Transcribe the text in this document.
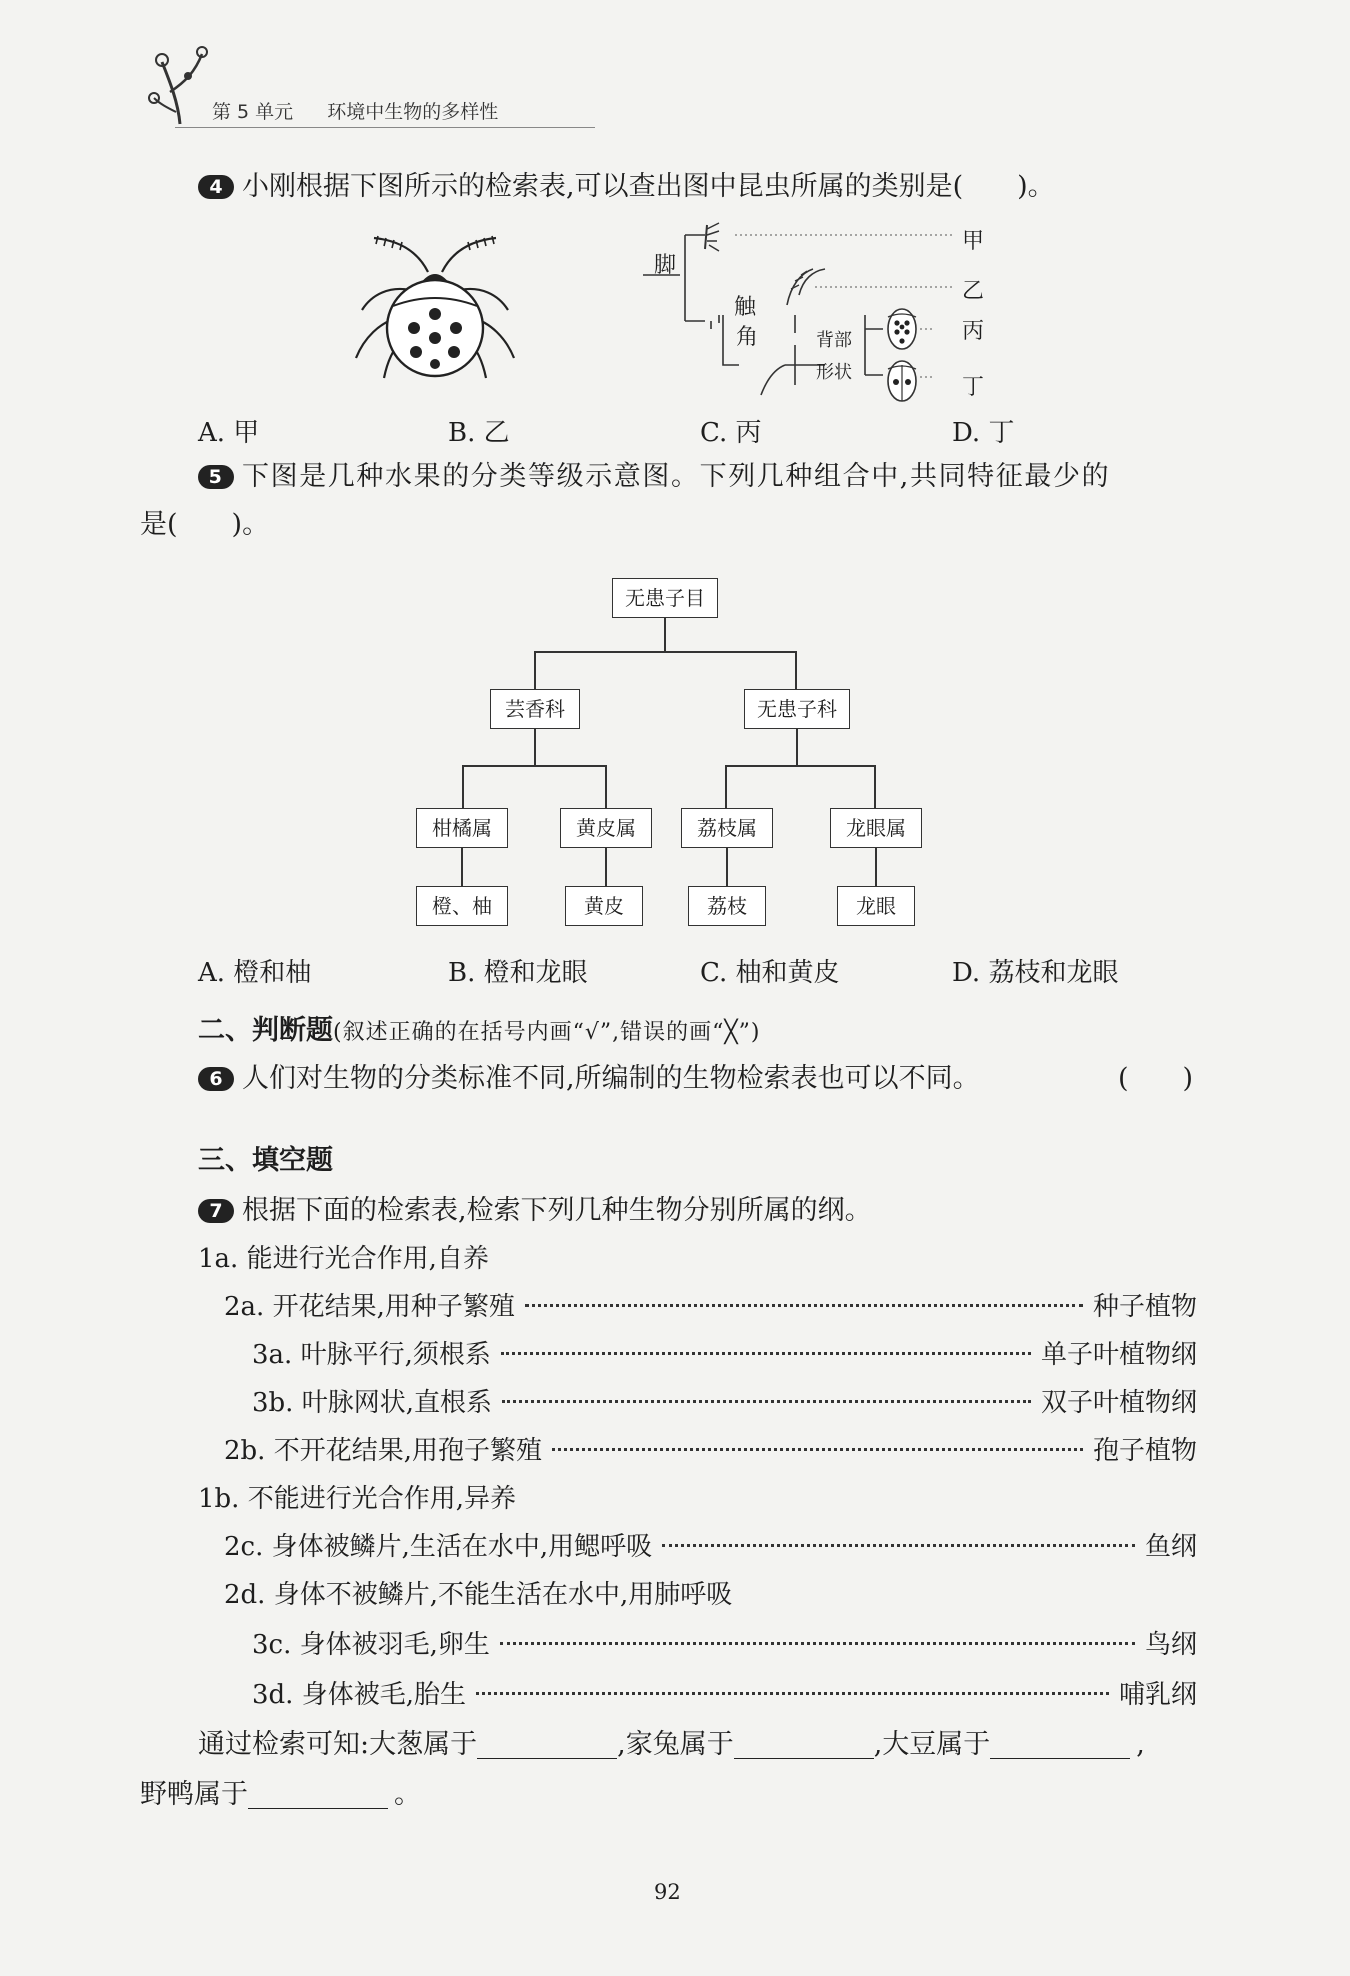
第 5 单元 环境中生物的多样性
4 小刚根据下图所示的检索表,可以查出图中昆虫所属的类别是(　　)。
脚
触
角	背部
形状
甲
乙
丙
丁
A. 甲	B. 乙	C. 丙	D. 丁
5 下图是几种水果的分类等级示意图。下列几种组合中,共同特征最少的
是(　　)。
无患子目
芸香科	无患子科
柑橘属	黄皮属	荔枝属	龙眼属
橙、柚	黄皮	荔枝	龙眼
A. 橙和柚	B. 橙和龙眼	C. 柚和黄皮	D. 荔枝和龙眼
二、判断题(叙述正确的在括号内画“√”,错误的画“╳”)
6 人们对生物的分类标准不同,所编制的生物检索表也可以不同。	(　　)
三、填空题
7 根据下面的检索表,检索下列几种生物分别所属的纲。
1a.
能进行光合作用,自养
2a.
开花结果,用种子繁殖	种子植物
3a.
叶脉平行,须根系	单子叶植物纲
3b.
叶脉网状,直根系	双子叶植物纲
2b.
不开花结果,用孢子繁殖	孢子植物
1b.
不能进行光合作用,异养
2c.
身体被鳞片,生活在水中,用鳃呼吸	鱼纲
2d.
身体不被鳞片,不能生活在水中,用肺呼吸
3c.
身体被羽毛,卵生	鸟纲
3d.
身体被毛,胎生	哺乳纲
通过检索可知:大葱属于	,家兔属于	,大豆属于	,
野鸭属于	。
92
